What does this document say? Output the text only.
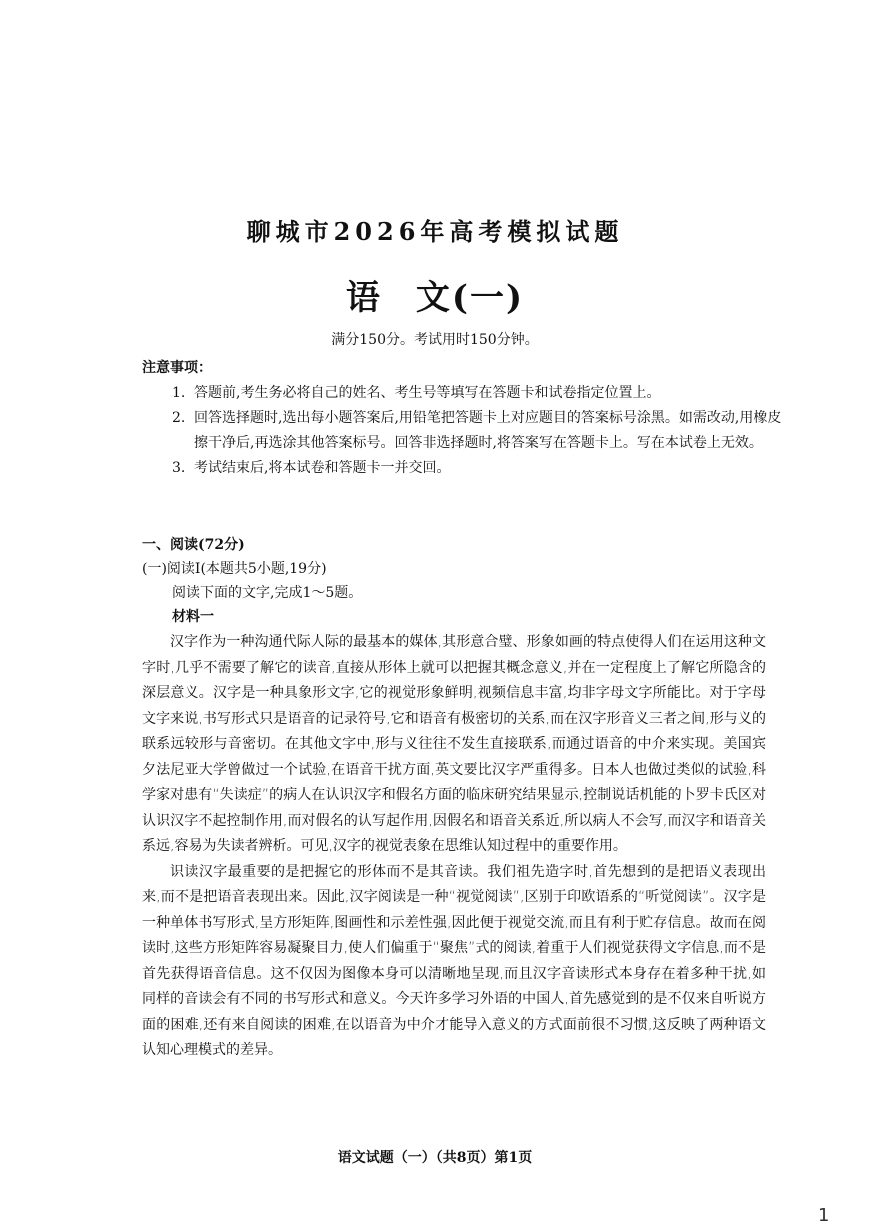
聊城市2026年高考模拟试题
语 文(一)
满分150分。考试用时150分钟。
注意事项：
1. 答题前,考生务必将自己的姓名、考生号等填写在答题卡和试卷指定位置上。
2. 回答选择题时,选出每小题答案后,用铅笔把答题卡上对应题目的答案标号涂黑。如需改动,用橡皮擦干净后,再选涂其他答案标号。回答非选择题时,将答案写在答题卡上。写在本试卷上无效。
3. 考试结束后,将本试卷和答题卡一并交回。
一、阅读(72分)
(一)阅读Ⅰ(本题共5小题,19分)
阅读下面的文字,完成1～5题。
材料一

汉字作为一种沟通代际人际的最基本的媒体,其形意合璧、形象如画的特点使得人们在运用这种文字时,几乎不需要了解它的读音,直接从形体上就可以把握其概念意义,并在一定程度上了解它所隐含的深层意义。汉字是一种具象形文字,它的视觉形象鲜明,视频信息丰富,均非字母文字所能比。对于字母文字来说,书写形式只是语音的记录符号,它和语音有极密切的关系,而在汉字形音义三者之间,形与义的联系远较形与音密切。在其他文字中,形与义往往不发生直接联系,而通过语音的中介来实现。美国宾夕法尼亚大学曾做过一个试验,在语音干扰方面,英文要比汉字严重得多。日本人也做过类似的试验,科学家对患有“失读症”的病人在认识汉字和假名方面的临床研究结果显示,控制说话机能的卜罗卡氏区对认识汉字不起控制作用,而对假名的认写起作用,因假名和语音关系近,所以病人不会写,而汉字和语音关系远,容易为失读者辨析。可见,汉字的视觉表象在思维认知过程中的重要作用。

识读汉字最重要的是把握它的形体而不是其音读。我们祖先造字时,首先想到的是把语义表现出来,而不是把语音表现出来。因此,汉字阅读是一种“视觉阅读”,区别于印欧语系的“听觉阅读”。汉字是一种单体书写形式,呈方形矩阵,图画性和示差性强,因此便于视觉交流,而且有利于贮存信息。故而在阅读时,这些方形矩阵容易凝聚目力,使人们偏重于“聚焦”式的阅读,着重于人们视觉获得文字信息,而不是首先获得语音信息。这不仅因为图像本身可以清晰地呈现,而且汉字音读形式本身存在着多种干扰,如同样的音读会有不同的书写形式和意义。今天许多学习外语的中国人,首先感觉到的是不仅来自听说方面的困难,还有来自阅读的困难,在以语音为中介才能导入意义的方式面前很不习惯,这反映了两种语文认知心理模式的差异。

语文试题（一）（共8页）第1页
1
